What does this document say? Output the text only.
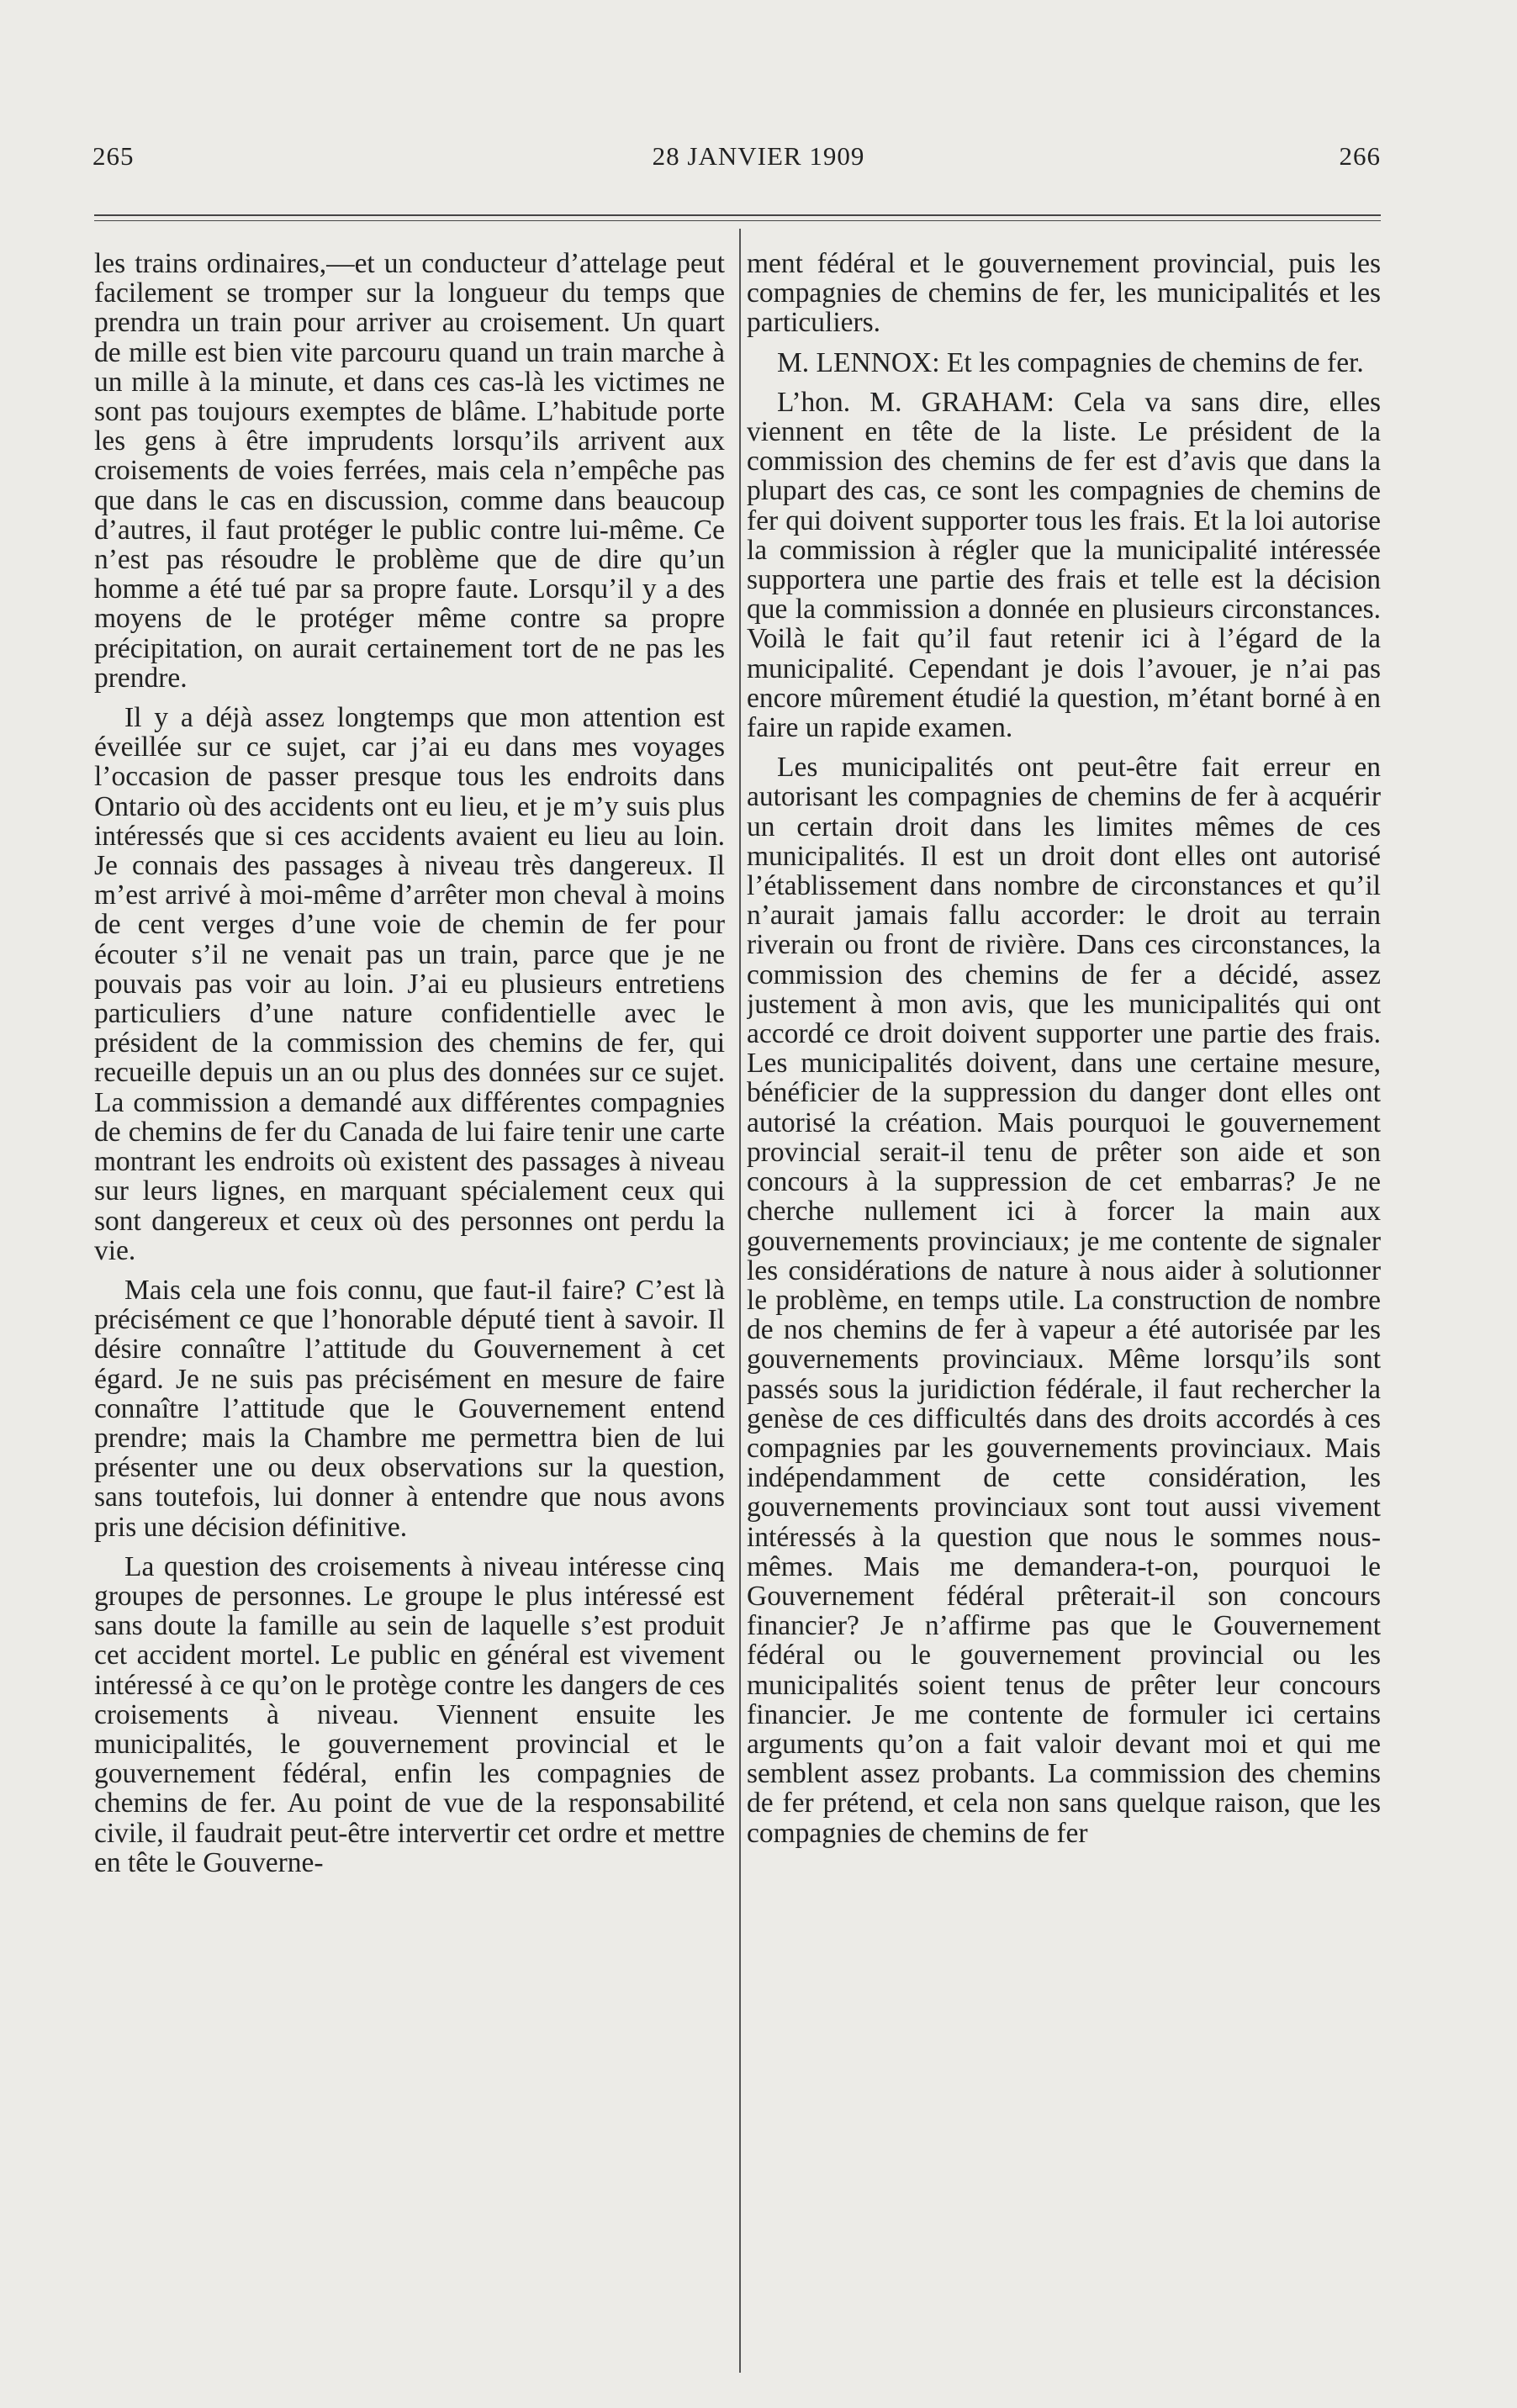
265	28 JANVIER 1909	266

les trains ordinaires,—et un conducteur d’attelage peut facilement se tromper sur la longueur du temps que prendra un train pour arriver au croisement. Un quart de mille est bien vite parcouru quand un train marche à un mille à la minute, et dans ces cas-là les victimes ne sont pas toujours exemptes de blâme. L’habitude porte les gens à être imprudents lorsqu’ils arrivent aux croisements de voies ferrées, mais cela n’empêche pas que dans le cas en discussion, comme dans beaucoup d’autres, il faut protéger le public contre lui-même. Ce n’est pas résoudre le problème que de dire qu’un homme a été tué par sa propre faute. Lorsqu’il y a des moyens de le protéger même contre sa propre précipitation, on aurait certainement tort de ne pas les prendre.

Il y a déjà assez longtemps que mon attention est éveillée sur ce sujet, car j’ai eu dans mes voyages l’occasion de passer presque tous les endroits dans Ontario où des accidents ont eu lieu, et je m’y suis plus intéressés que si ces accidents avaient eu lieu au loin. Je connais des passages à niveau très dangereux. Il m’est arrivé à moi-même d’arrêter mon cheval à moins de cent verges d’une voie de chemin de fer pour écouter s’il ne venait pas un train, parce que je ne pouvais pas voir au loin. J’ai eu plusieurs entretiens particuliers d’une nature confidentielle avec le président de la commission des chemins de fer, qui recueille depuis un an ou plus des données sur ce sujet. La commission a demandé aux différentes compagnies de chemins de fer du Canada de lui faire tenir une carte montrant les endroits où existent des passages à niveau sur leurs lignes, en marquant spécialement ceux qui sont dangereux et ceux où des personnes ont perdu la vie.

Mais cela une fois connu, que faut-il faire? C’est là précisément ce que l’honorable député tient à savoir. Il désire connaître l’attitude du Gouvernement à cet égard. Je ne suis pas précisément en mesure de faire connaître l’attitude que le Gouvernement entend prendre; mais la Chambre me permettra bien de lui présenter une ou deux observations sur la question, sans toutefois, lui donner à entendre que nous avons pris une décision définitive.

La question des croisements à niveau intéresse cinq groupes de personnes. Le groupe le plus intéressé est sans doute la famille au sein de laquelle s’est produit cet accident mortel. Le public en général est vivement intéressé à ce qu’on le protège contre les dangers de ces croisements à niveau. Viennent ensuite les municipalités, le gouvernement provincial et le gouvernement fédéral, enfin les compagnies de chemins de fer. Au point de vue de la responsabilité civile, il faudrait peut-être intervertir cet ordre et mettre en tête le Gouverne-

ment fédéral et le gouvernement provincial, puis les compagnies de chemins de fer, les municipalités et les particuliers.

M. LENNOX: Et les compagnies de chemins de fer.

L’hon. M. GRAHAM: Cela va sans dire, elles viennent en tête de la liste. Le président de la commission des chemins de fer est d’avis que dans la plupart des cas, ce sont les compagnies de chemins de fer qui doivent supporter tous les frais. Et la loi autorise la commission à régler que la municipalité intéressée supportera une partie des frais et telle est la décision que la commission a donnée en plusieurs circonstances. Voilà le fait qu’il faut retenir ici à l’égard de la municipalité. Cependant je dois l’avouer, je n’ai pas encore mûrement étudié la question, m’étant borné à en faire un rapide examen.

Les municipalités ont peut-être fait erreur en autorisant les compagnies de chemins de fer à acquérir un certain droit dans les limites mêmes de ces municipalités. Il est un droit dont elles ont autorisé l’établissement dans nombre de circonstances et qu’il n’aurait jamais fallu accorder: le droit au terrain riverain ou front de rivière. Dans ces circonstances, la commission des chemins de fer a décidé, assez justement à mon avis, que les municipalités qui ont accordé ce droit doivent supporter une partie des frais. Les municipalités doivent, dans une certaine mesure, bénéficier de la suppression du danger dont elles ont autorisé la création. Mais pourquoi le gouvernement provincial serait-il tenu de prêter son aide et son concours à la suppression de cet embarras? Je ne cherche nullement ici à forcer la main aux gouvernements provinciaux; je me contente de signaler les considérations de nature à nous aider à solutionner le problème, en temps utile. La construction de nombre de nos chemins de fer à vapeur a été autorisée par les gouvernements provinciaux. Même lorsqu’ils sont passés sous la juridiction fédérale, il faut rechercher la genèse de ces difficultés dans des droits accordés à ces compagnies par les gouvernements provinciaux. Mais indépendamment de cette considération, les gouvernements provinciaux sont tout aussi vivement intéressés à la question que nous le sommes nous-mêmes. Mais me demandera-t-on, pourquoi le Gouvernement fédéral prêterait-il son concours financier? Je n’affirme pas que le Gouvernement fédéral ou le gouvernement provincial ou les municipalités soient tenus de prêter leur concours financier. Je me contente de formuler ici certains arguments qu’on a fait valoir devant moi et qui me semblent assez probants. La commission des chemins de fer prétend, et cela non sans quelque raison, que les compagnies de chemins de fer
